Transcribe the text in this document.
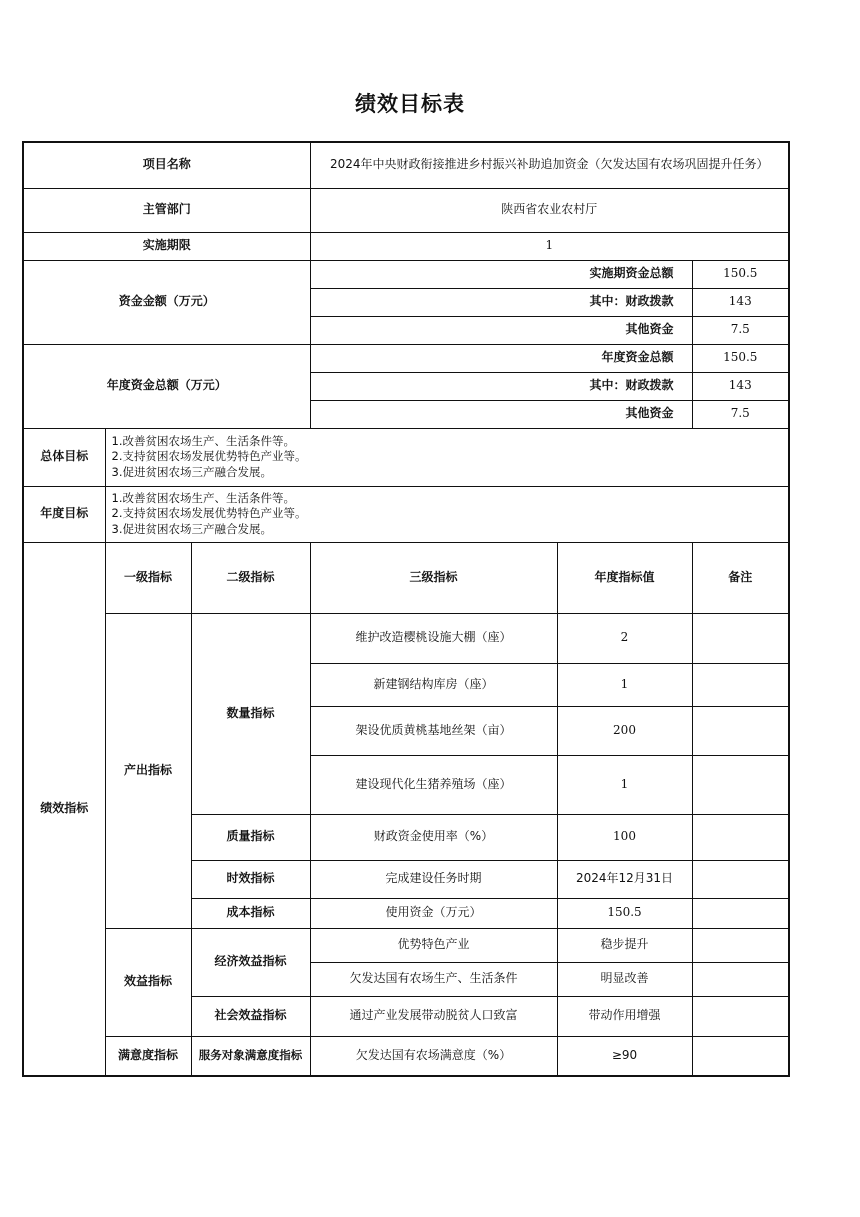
绩效目标表
项目名称			2024年中央财政衔接推进乡村振兴补助追加资金（欠发达国有农场巩固提升任务）		
主管部门			陕西省农业农村厅		
实施期限			1		
资金金额（万元）			实施期资金总额		150.5
			其中：财政拨款		143
			其他资金		7.5
年度资金总额（万元）			年度资金总额		150.5
			其中：财政拨款		143
			其他资金		7.5
总体目标	1.改善贫困农场生产、生活条件等。
2.支持贫困农场发展优势特色产业等。
3.促进贫困农场三产融合发展。				

年度目标	1.改善贫困农场生产、生活条件等。
2.支持贫困农场发展优势特色产业等。
3.促进贫困农场三产融合发展。				

绩效指标	一级指标	二级指标	三级指标	年度指标值	备注
	产出指标	数量指标	维护改造樱桃设施大棚（座）	2	
			新建钢结构库房（座）	1	
			架设优质黄桃基地丝架（亩）	200	
			建设现代化生猪养殖场（座）	1	
		质量指标	财政资金使用率（%）	100	
		时效指标	完成建设任务时期	2024年12月31日	
		成本指标	使用资金（万元）	150.5	
	效益指标	经济效益指标	优势特色产业	稳步提升	
			欠发达国有农场生产、生活条件	明显改善	
		社会效益指标	通过产业发展带动脱贫人口致富	带动作用增强	
	满意度指标	服务对象满意度指标	欠发达国有农场满意度（%）	≥90	
